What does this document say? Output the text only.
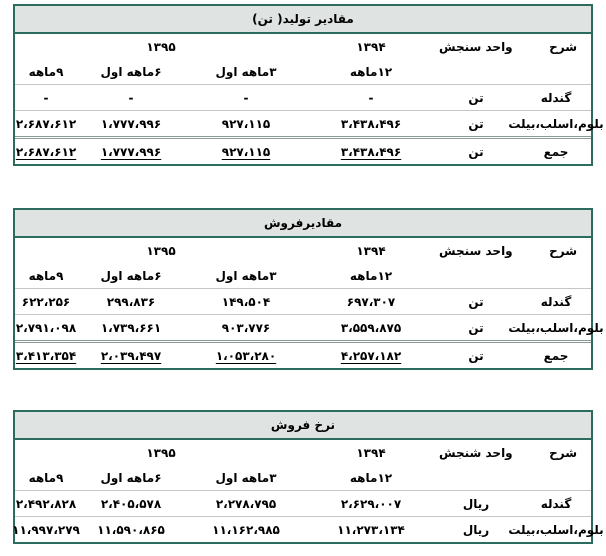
مقادیر تولید( تن)
شرح
واحد سنجش
۱۳۹۴
۱۳۹۵
۱۲ماهه
۳ماهه اول
۶ماهه اول
۹ماهه
گندله
تن
-
-
-
-
بلوم،اسلب،بیلت
تن
۳،۴۳۸،۴۹۶
۹۲۷،۱۱۵
۱،۷۷۷،۹۹۶
۲،۶۸۷،۶۱۲
جمع
تن
۳،۴۳۸،۴۹۶
۹۲۷،۱۱۵
۱،۷۷۷،۹۹۶
۲،۶۸۷،۶۱۲
مقادیرفروش
شرح
واحد سنجش
۱۳۹۴
۱۳۹۵
۱۲ماهه
۳ماهه اول
۶ماهه اول
۹ماهه
گندله
تن
۶۹۷،۳۰۷
۱۴۹،۵۰۴
۲۹۹،۸۳۶
۶۲۲،۲۵۶
بلوم،اسلب،بیلت
تن
۳،۵۵۹،۸۷۵
۹۰۳،۷۷۶
۱،۷۳۹،۶۶۱
۲،۷۹۱،۰۹۸
جمع
تن
۴،۲۵۷،۱۸۲
۱،۰۵۳،۲۸۰
۲،۰۳۹،۴۹۷
۳،۴۱۳،۳۵۴
نرخ فروش
شرح
واحد شنجش
۱۳۹۴
۱۳۹۵
۱۲ماهه
۳ماهه اول
۶ماهه اول
۹ماهه
گندله
ریال
۲،۶۲۹،۰۰۷
۲،۲۷۸،۷۹۵
۲،۴۰۵،۵۷۸
۲،۴۹۲،۸۲۸
بلوم،اسلب،بیلت
ریال
۱۱،۲۷۳،۱۳۴
۱۱،۱۶۲،۹۸۵
۱۱،۵۹۰،۸۶۵
۱۱،۹۹۷،۲۷۹
